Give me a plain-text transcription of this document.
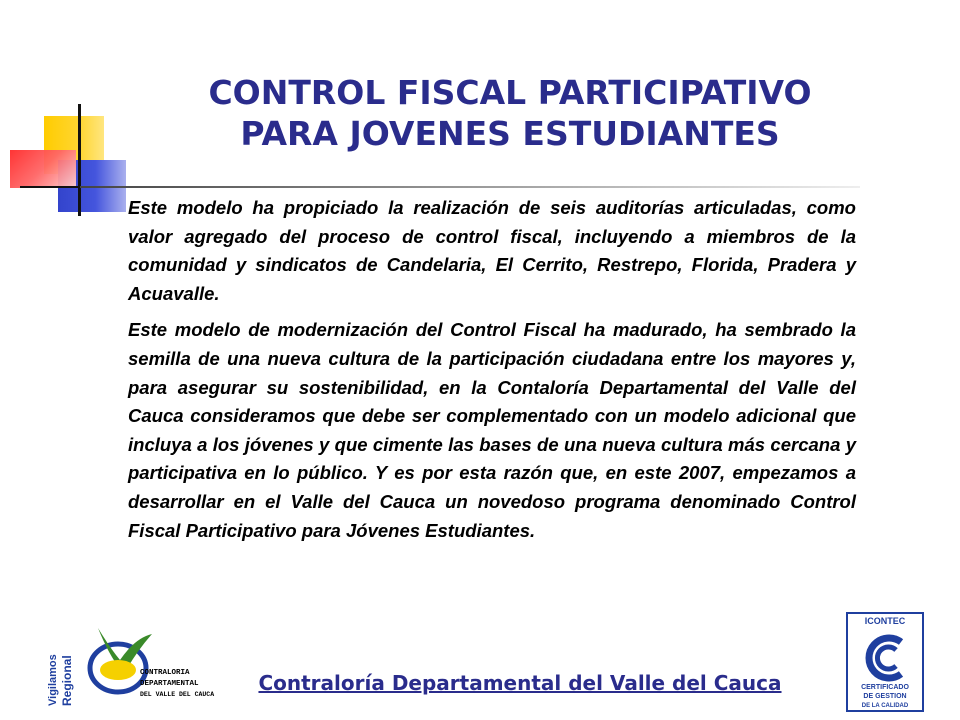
CONTROL FISCAL PARTICIPATIVO
PARA JOVENES ESTUDIANTES

Este modelo ha propiciado la realización de seis auditorías articuladas, como valor agregado del proceso de control fiscal, incluyendo a miembros de la comunidad y sindicatos de Candelaria, El Cerrito, Restrepo, Florida, Pradera y Acuavalle.

Este modelo de modernización del Control Fiscal ha madurado, ha sembrado la semilla de una nueva cultura de la participación ciudadana entre los mayores y, para asegurar su sostenibilidad, en la Contaloría Departamental del Valle del Cauca consideramos que debe ser complementado con un modelo adicional que incluya a los jóvenes y que cimente las bases de una nueva cultura más cercana y participativa en lo público. Y es por esta razón que, en este 2007, empezamos a desarrollar en el Valle del Cauca un novedoso programa denominado Control Fiscal Participativo para Jóvenes Estudiantes.

Vigilamos Regional	CONTRALORIA
DEPARTAMENTAL
DEL VALLE DEL CAUCA	Contraloría Departamental del Valle del Cauca
ICONTEC
CERTIFICADO
DE GESTION
DE LA CALIDAD
